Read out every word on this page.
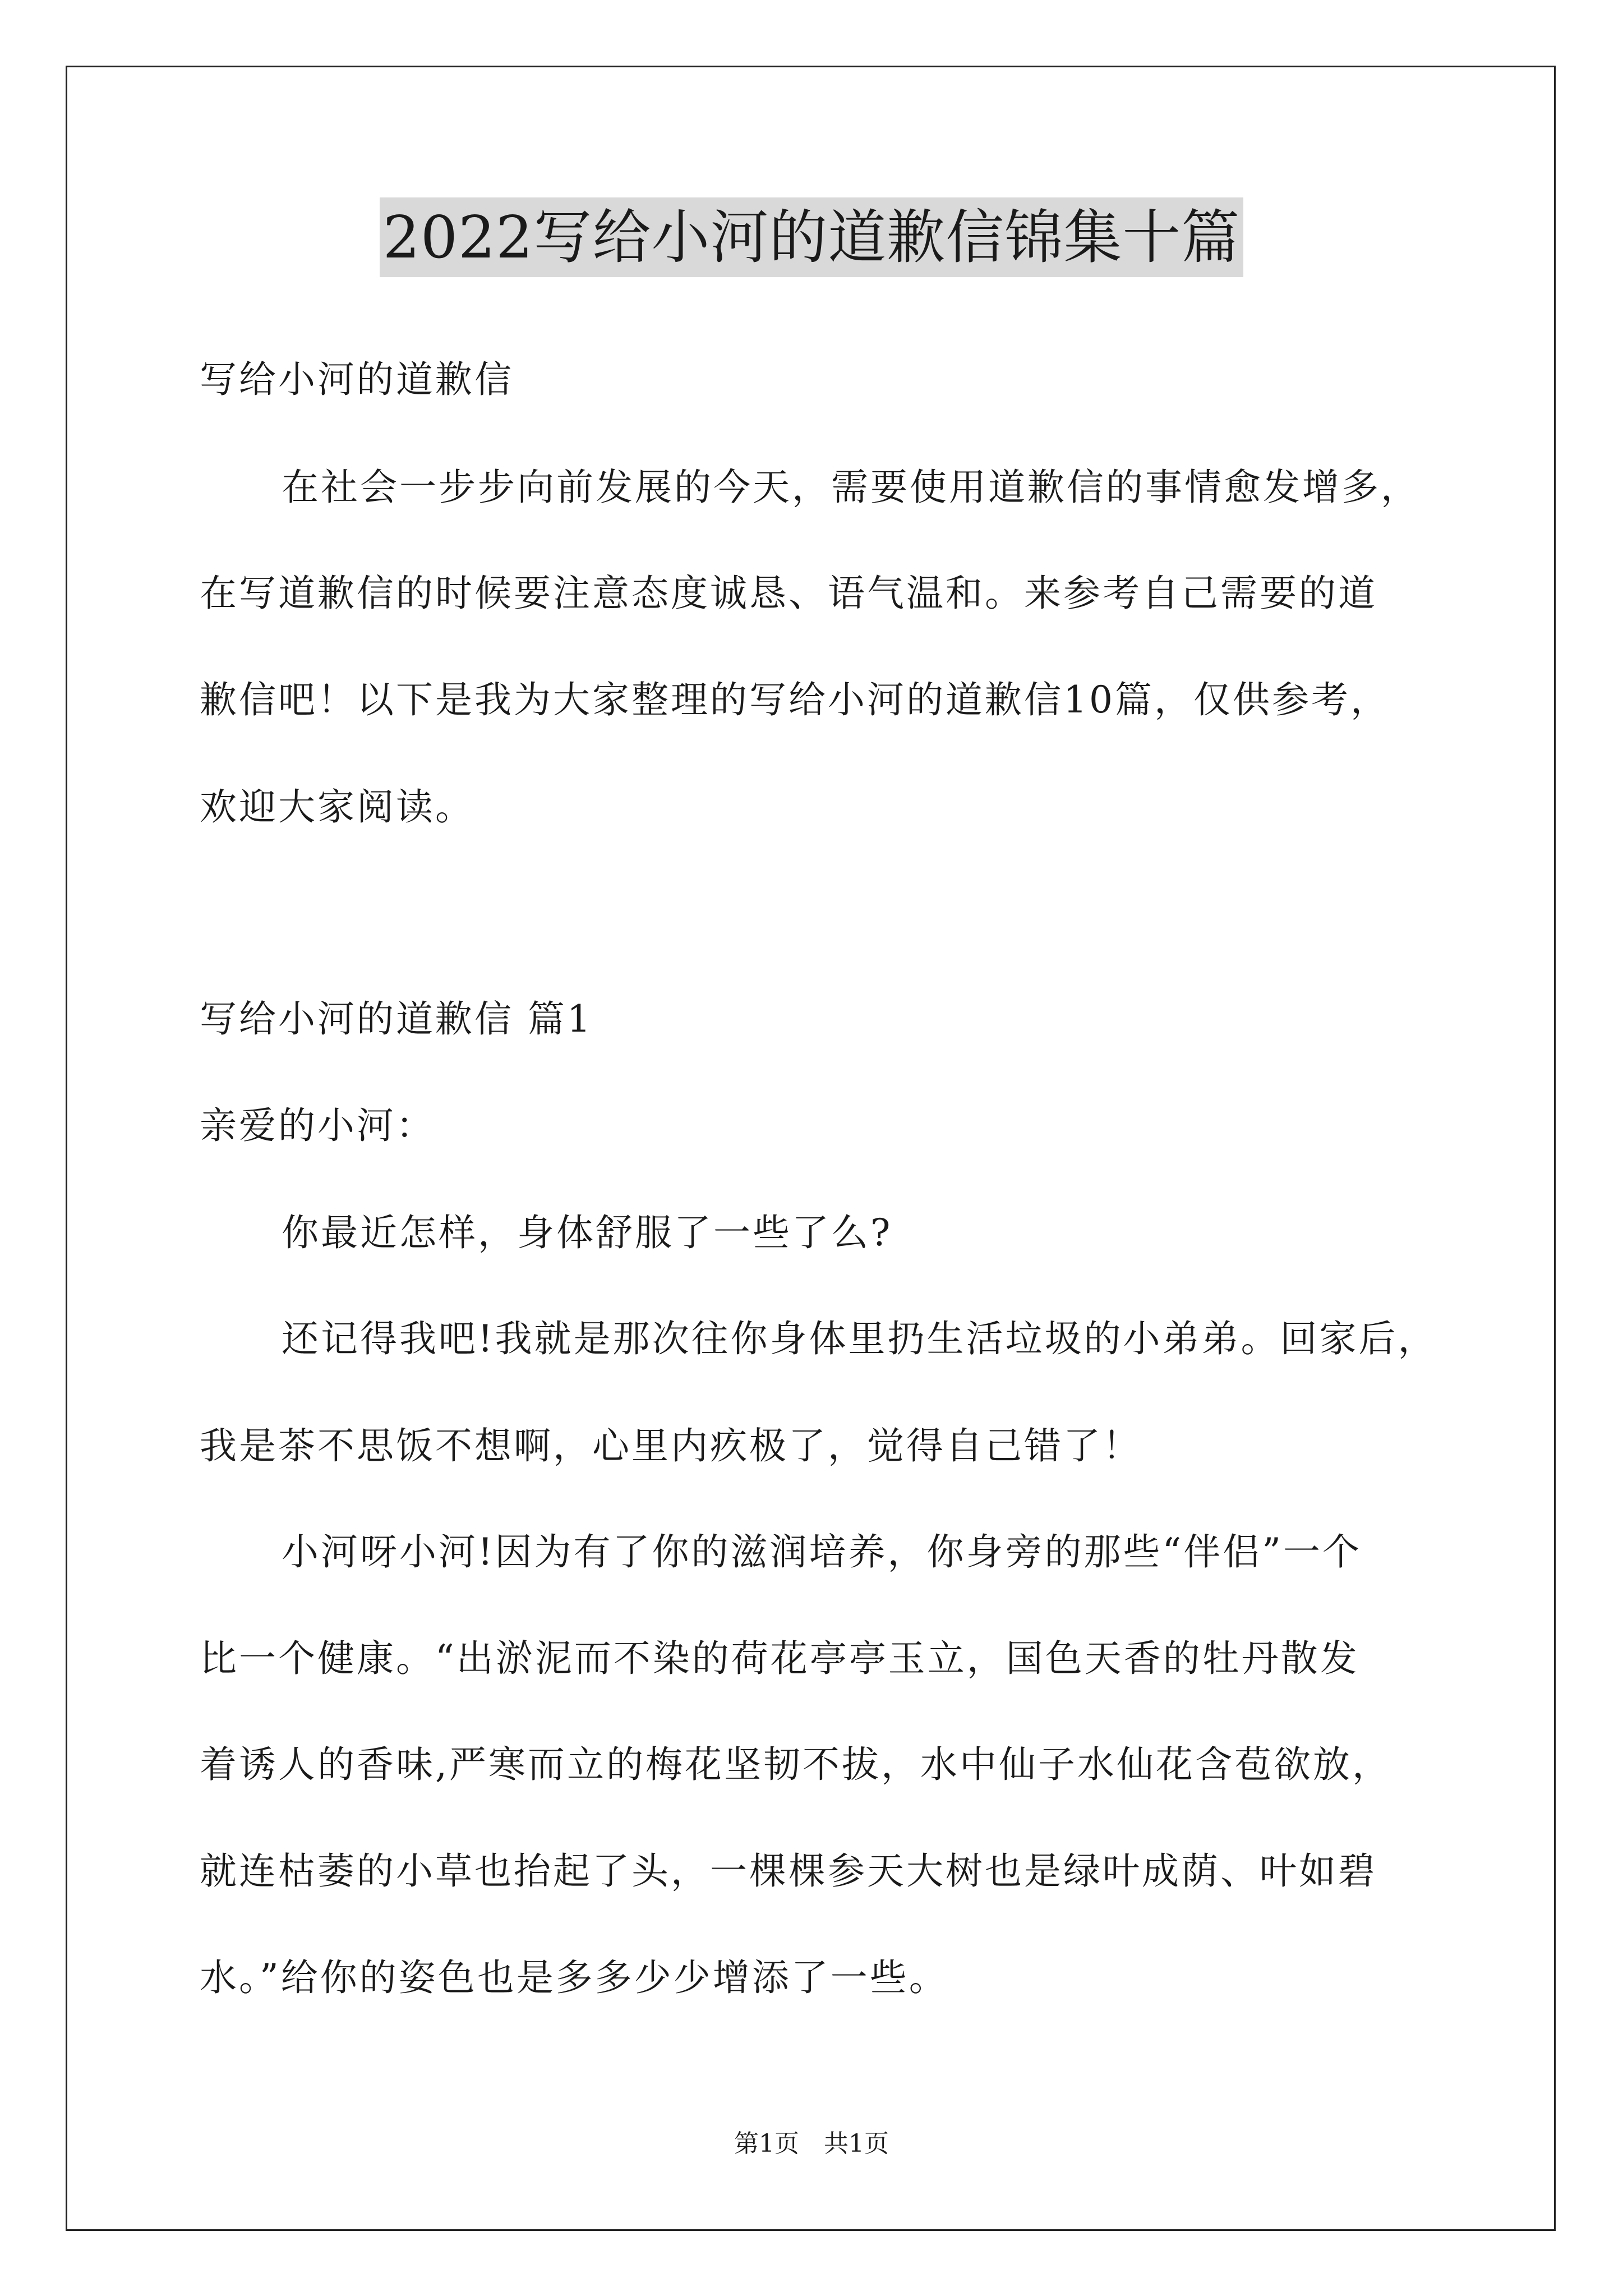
2022写给小河的道歉信锦集十篇
写给小河的道歉信
在社会一步步向前发展的今天，需要使用道歉信的事情愈发增多，
在写道歉信的时候要注意态度诚恳、语气温和。来参考自己需要的道
歉信吧！以下是我为大家整理的写给小河的道歉信10篇，仅供参考，
欢迎大家阅读。
写给小河的道歉信 篇1
亲爱的小河：
你最近怎样，身体舒服了一些了么?
还记得我吧!我就是那次往你身体里扔生活垃圾的小弟弟。回家后，
我是茶不思饭不想啊，心里内疚极了，觉得自己错了！
小河呀小河!因为有了你的滋润培养，你身旁的那些“伴侣”一个
比一个健康。“出淤泥而不染的荷花亭亭玉立，国色天香的牡丹散发
着诱人的香味,严寒而立的梅花坚韧不拔，水中仙子水仙花含苞欲放，
就连枯萎的小草也抬起了头，一棵棵参天大树也是绿叶成荫、叶如碧
水。”给你的姿色也是多多少少增添了一些。
第1页 共1页
